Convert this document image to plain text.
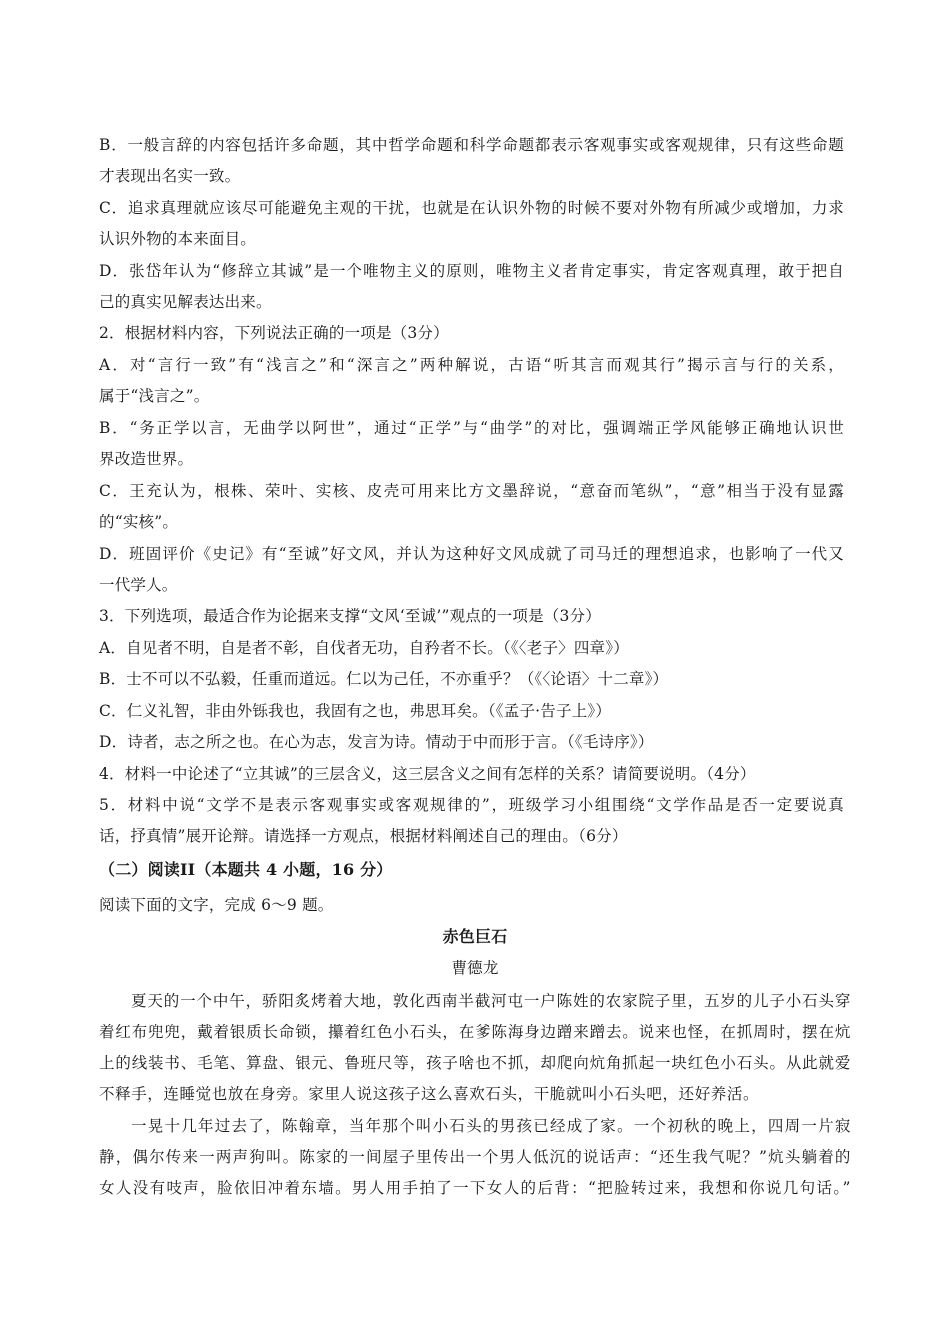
B．一般言辞的内容包括许多命题，其中哲学命题和科学命题都表示客观事实或客观规律，只有这些命题
才表现出名实一致。
C．追求真理就应该尽可能避免主观的干扰，也就是在认识外物的时候不要对外物有所减少或增加，力求
认识外物的本来面目。
D．张岱年认为“修辞立其诚”是一个唯物主义的原则，唯物主义者肯定事实，肯定客观真理，敢于把自
己的真实见解表达出来。
2．根据材料内容，下列说法正确的一项是（3分）
A．对“言行一致”有“浅言之”和“深言之”两种解说，古语“听其言而观其行”揭示言与行的关系，
属于“浅言之”。
B．“务正学以言，无曲学以阿世”，通过“正学”与“曲学”的对比，强调端正学风能够正确地认识世
界改造世界。
C．王充认为，根株、荣叶、实核、皮壳可用来比方文墨辞说，“意奋而笔纵”，“意”相当于没有显露
的“实核”。
D．班固评价《史记》有“至诚”好文风，并认为这种好文风成就了司马迁的理想追求，也影响了一代又
一代学人。
3．下列选项，最适合作为论据来支撑“文风‘至诚’”观点的一项是（3分）
A．自见者不明，自是者不彰，自伐者无功，自矜者不长。（《〈老子〉四章》）
B．士不可以不弘毅，任重而道远。仁以为己任，不亦重乎？（《〈论语〉十二章》）
C．仁义礼智，非由外铄我也，我固有之也，弗思耳矣。（《孟子·告子上》）
D．诗者，志之所之也。在心为志，发言为诗。情动于中而形于言。（《毛诗序》）
4．材料一中论述了“立其诚”的三层含义，这三层含义之间有怎样的关系？请简要说明。（4分）
5．材料中说“文学不是表示客观事实或客观规律的”，班级学习小组围绕“文学作品是否一定要说真
话，抒真情”展开论辩。请选择一方观点，根据材料阐述自己的理由。（6分）
（二）阅读II（本题共 4 小题，16 分）
阅读下面的文字，完成 6～9 题。
赤色巨石
曹德龙
夏天的一个中午，骄阳炙烤着大地，敦化西南半截河屯一户陈姓的农家院子里，五岁的儿子小石头穿
着红布兜兜，戴着银质长命锁，攥着红色小石头，在爹陈海身边蹭来蹭去。说来也怪，在抓周时，摆在炕
上的线装书、毛笔、算盘、银元、鲁班尺等，孩子啥也不抓，却爬向炕角抓起一块红色小石头。从此就爱
不释手，连睡觉也放在身旁。家里人说这孩子这么喜欢石头，干脆就叫小石头吧，还好养活。
一晃十几年过去了，陈翰章，当年那个叫小石头的男孩已经成了家。一个初秋的晚上，四周一片寂
静，偶尔传来一两声狗叫。陈家的一间屋子里传出一个男人低沉的说话声：“还生我气呢？”炕头躺着的
女人没有吱声，脸依旧冲着东墙。男人用手拍了一下女人的后背：“把脸转过来，我想和你说几句话。”
